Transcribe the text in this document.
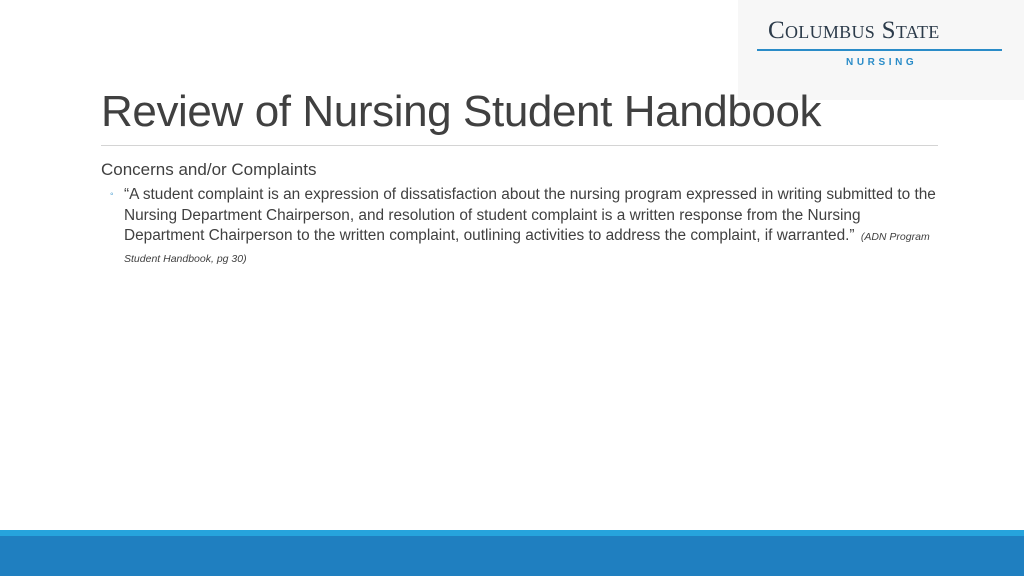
Columbus State
NURSING
Review of Nursing Student Handbook

Concerns and/or Complaints

◦ “A student complaint is an expression of dissatisfaction about the nursing program expressed in writing submitted to the Nursing Department Chairperson, and resolution of student complaint is a written response from the Nursing Department Chairperson to the written complaint, outlining activities to address the complaint, if warranted.” (ADN Program Student Handbook, pg 30)
